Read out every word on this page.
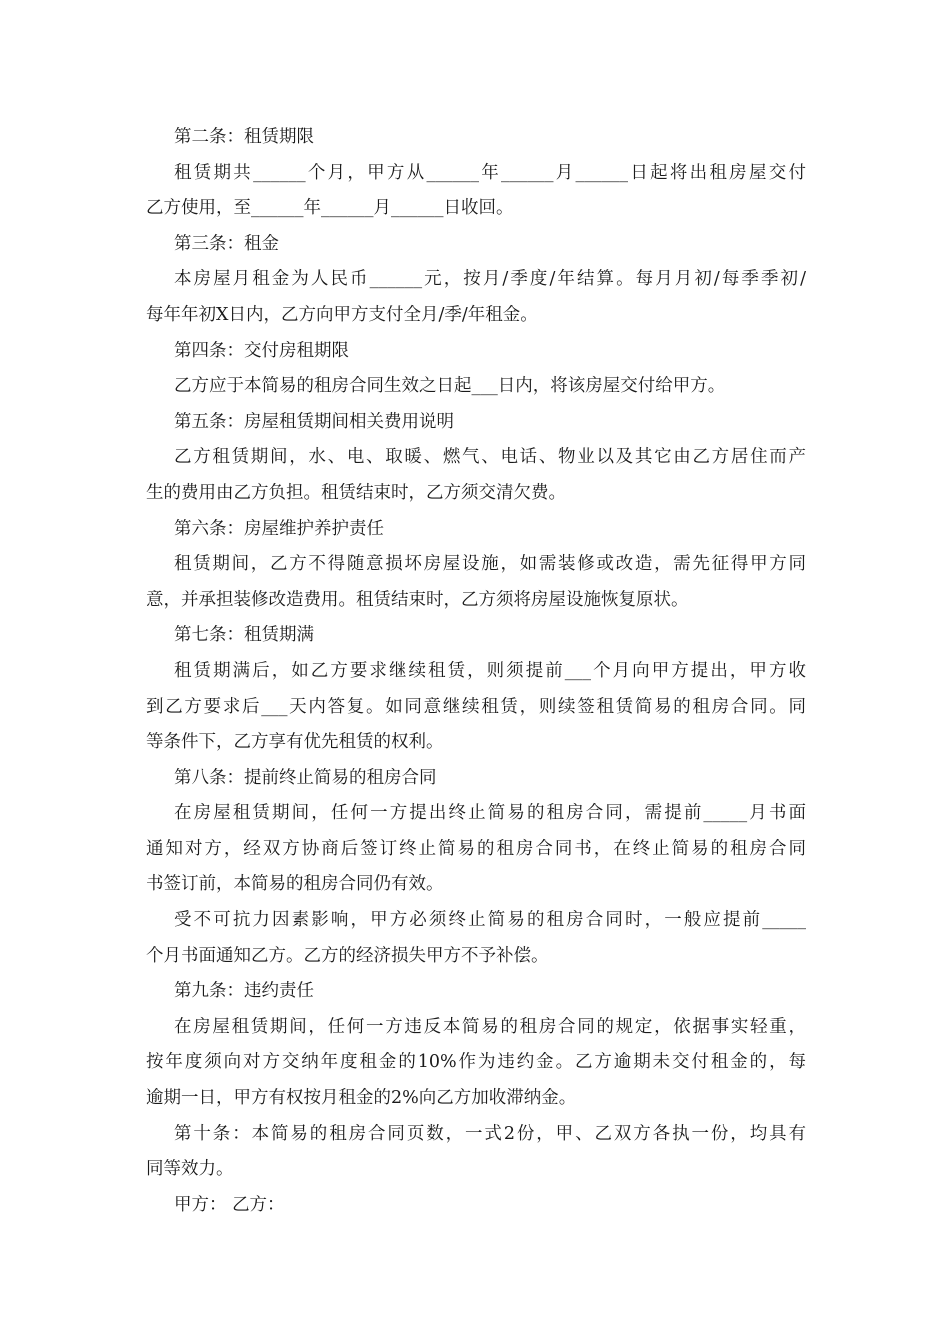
第二条：租赁期限
租赁期共______个月，甲方从______年______月______日起将出租房屋交付
乙方使用，至______年______月______日收回。
第三条：租金
本房屋月租金为人民币______元，按月/季度/年结算。每月月初/每季季初/
每年年初X日内，乙方向甲方支付全月/季/年租金。
第四条：交付房租期限
乙方应于本简易的租房合同生效之日起___日内，将该房屋交付给甲方。
第五条：房屋租赁期间相关费用说明
乙方租赁期间，水、电、取暖、燃气、电话、物业以及其它由乙方居住而产
生的费用由乙方负担。租赁结束时，乙方须交清欠费。
第六条：房屋维护养护责任
租赁期间，乙方不得随意损坏房屋设施，如需装修或改造，需先征得甲方同
意，并承担装修改造费用。租赁结束时，乙方须将房屋设施恢复原状。
第七条：租赁期满
租赁期满后，如乙方要求继续租赁，则须提前___个月向甲方提出，甲方收
到乙方要求后___天内答复。如同意继续租赁，则续签租赁简易的租房合同。同
等条件下，乙方享有优先租赁的权利。
第八条：提前终止简易的租房合同
在房屋租赁期间，任何一方提出终止简易的租房合同，需提前_____月书面
通知对方，经双方协商后签订终止简易的租房合同书，在终止简易的租房合同
书签订前，本简易的租房合同仍有效。
受不可抗力因素影响，甲方必须终止简易的租房合同时，一般应提前_____
个月书面通知乙方。乙方的经济损失甲方不予补偿。
第九条：违约责任
在房屋租赁期间，任何一方违反本简易的租房合同的规定，依据事实轻重，
按年度须向对方交纳年度租金的10%作为违约金。乙方逾期未交付租金的，每
逾期一日，甲方有权按月租金的2%向乙方加收滞纳金。
第十条：本简易的租房合同页数，一式2份，甲、乙双方各执一份，均具有
同等效力。
甲方： 乙方：
